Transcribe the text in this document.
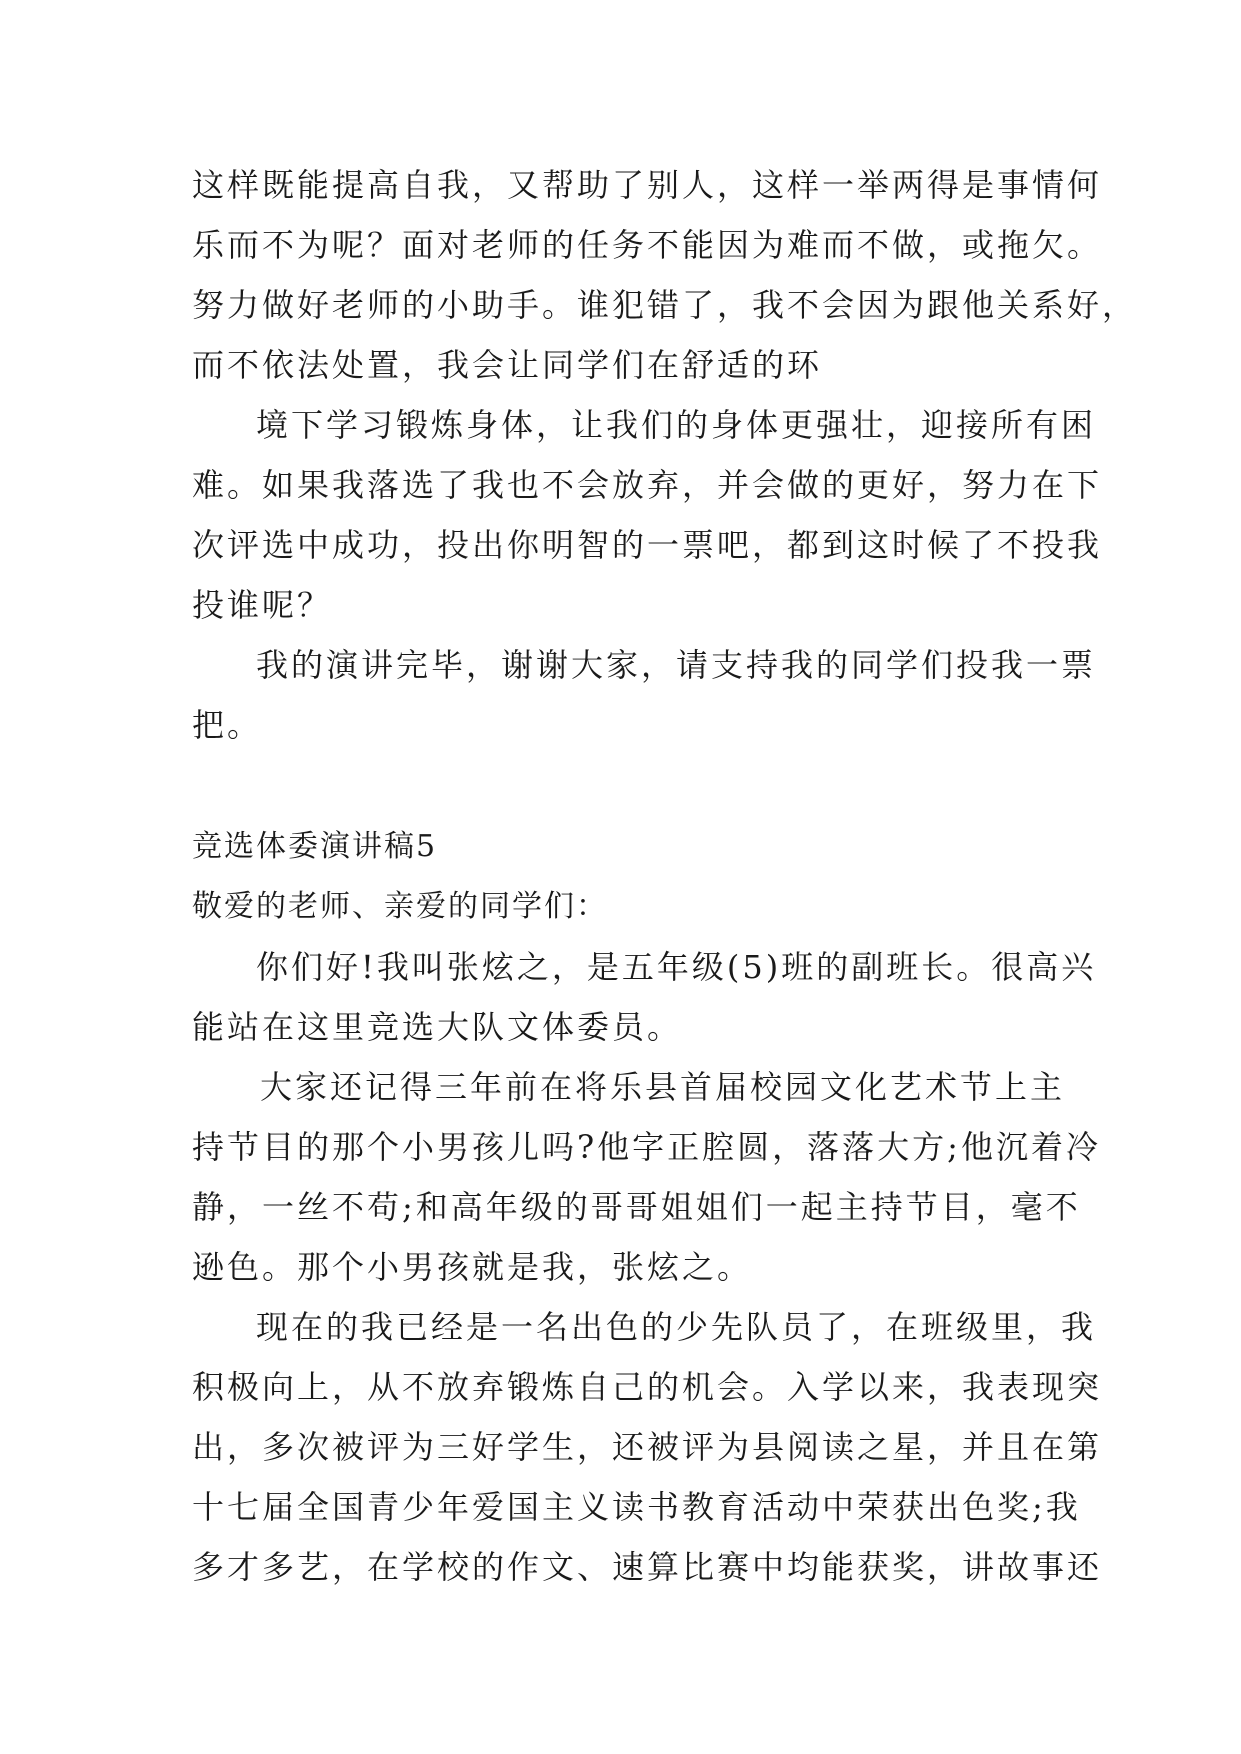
这样既能提高自我，又帮助了别人，这样一举两得是事情何
乐而不为呢？面对老师的任务不能因为难而不做，或拖欠。
努力做好老师的小助手。谁犯错了，我不会因为跟他关系好，
而不依法处置，我会让同学们在舒适的环
境下学习锻炼身体，让我们的身体更强壮，迎接所有困
难。如果我落选了我也不会放弃，并会做的更好，努力在下
次评选中成功，投出你明智的一票吧，都到这时候了不投我
投谁呢？
我的演讲完毕，谢谢大家，请支持我的同学们投我一票
把。
竞选体委演讲稿5
敬爱的老师、亲爱的同学们：
你们好!我叫张炫之，是五年级(5)班的副班长。很高兴
能站在这里竞选大队文体委员。
大家还记得三年前在将乐县首届校园文化艺术节上主
持节目的那个小男孩儿吗?他字正腔圆，落落大方;他沉着冷
静，一丝不苟;和高年级的哥哥姐姐们一起主持节目，毫不
逊色。那个小男孩就是我，张炫之。
现在的我已经是一名出色的少先队员了，在班级里，我
积极向上，从不放弃锻炼自己的机会。入学以来，我表现突
出，多次被评为三好学生，还被评为县阅读之星，并且在第
十七届全国青少年爱国主义读书教育活动中荣获出色奖;我
多才多艺，在学校的作文、速算比赛中均能获奖，讲故事还
